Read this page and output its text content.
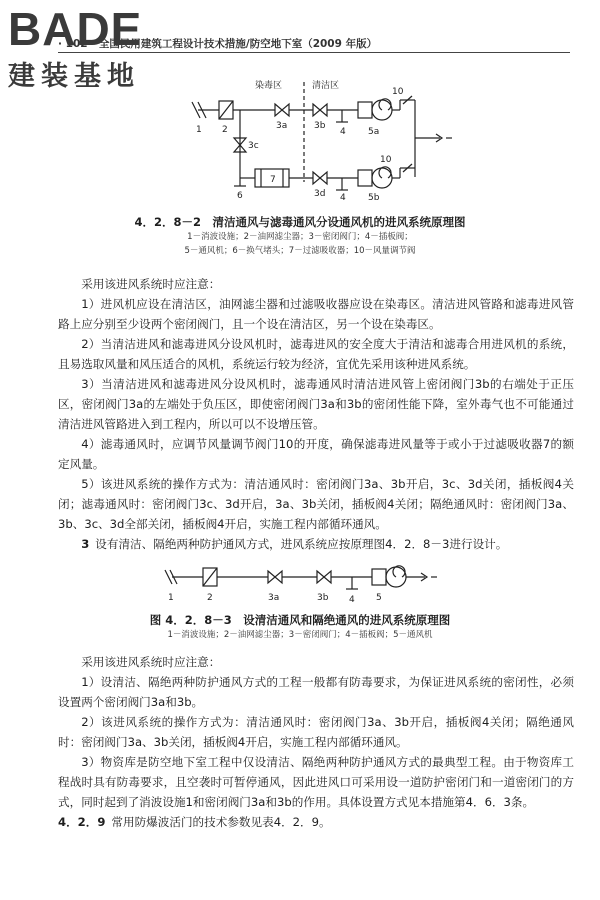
BADE
建装基地
· 102 · 全国民用建筑工程设计技术措施/防空地下室（2009 年版）
染毒区	清洁区
1 2
3c
3a	3b
4 5a
10
6
7
3d 4 5b
10
4．2．8－2　清洁通风与滤毒通风分设通风机的进风系统原理图
1－消波设施；2－油网滤尘器；3－密闭阀门；4－插板阀；
5－通风机；6－换气堵头；7－过滤吸收器；10－风量调节阀
采用该进风系统时应注意：
1）进风机应设在清洁区，油网滤尘器和过滤吸收器应设在染毒区。清洁进风管路和滤毒进风管路上应分别至少设两个密闭阀门，且一个设在清洁区，另一个设在染毒区。
2）当清洁进风和滤毒进风分设风机时，滤毒进风的安全度大于清洁和滤毒合用进风机的系统，且易选取风量和风压适合的风机，系统运行较为经济，宜优先采用该种进风系统。
3）当清洁进风和滤毒进风分设风机时，滤毒通风时清洁进风管上密闭阀门3b的右端处于正压区，密闭阀门3a的左端处于负压区，即使密闭阀门3a和3b的密闭性能下降，室外毒气也不可能通过清洁进风管路进入到工程内，所以可以不设增压管。
4）滤毒通风时，应调节风量调节阀门10的开度，确保滤毒进风量等于或小于过滤吸收器7的额定风量。
5）该进风系统的操作方式为：清洁通风时：密闭阀门3a、3b开启，3c、3d关闭，插板阀4关闭；滤毒通风时：密闭阀门3c、3d开启，3a、3b关闭，插板阀4关闭；隔绝通风时：密闭阀门3a、3b、3c、3d全部关闭，插板阀4开启，实施工程内部循环通风。
3 设有清洁、隔绝两种防护通风方式，进风系统应按原理图4．2．8－3进行设计。
1	2	3a	3b 4 5
图 4．2．8－3　设清洁通风和隔绝通风的进风系统原理图
1－消波设施；2－油网滤尘器；3－密闭阀门；4－插板阀；5－通风机
采用该进风系统时应注意：
1）设清洁、隔绝两种防护通风方式的工程一般都有防毒要求，为保证进风系统的密闭性，必须设置两个密闭阀门3a和3b。
2）该进风系统的操作方式为：清洁通风时：密闭阀门3a、3b开启，插板阀4关闭；隔绝通风时：密闭阀门3a、3b关闭，插板阀4开启，实施工程内部循环通风。
3）物资库是防空地下室工程中仅设清洁、隔绝两种防护通风方式的最典型工程。由于物资库工程战时具有防毒要求，且空袭时可暂停通风，因此进风口可采用设一道防护密闭门和一道密闭门的方式，同时起到了消波设施1和密闭阀门3a和3b的作用。具体设置方式见本措施第4．6．3条。
4．2．9 常用防爆波活门的技术参数见表4．2．9。
